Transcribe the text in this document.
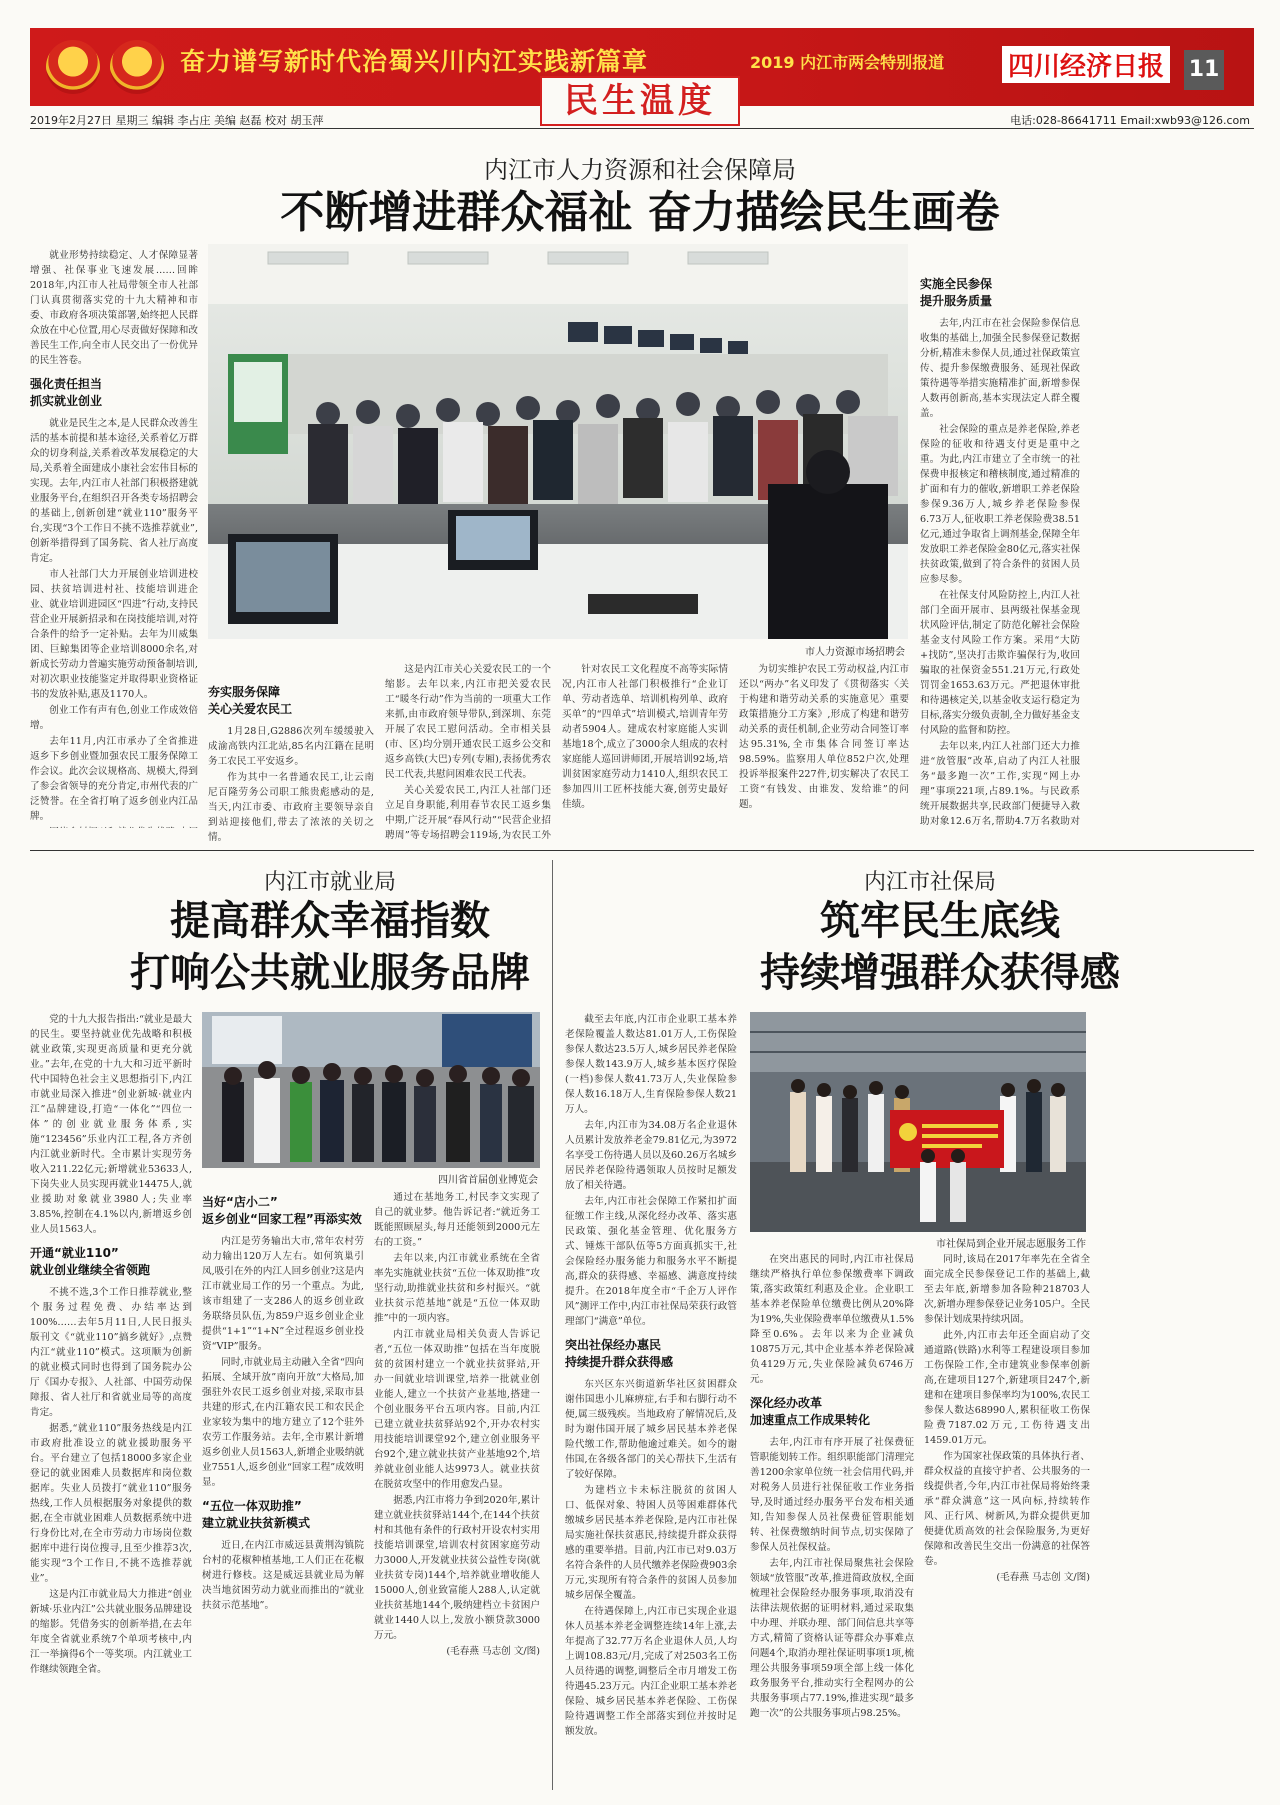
奋力谱写新时代治蜀兴川内江实践新篇章	2019 内江市两会特别报道 四川经济日报 11
民生温度
2019年2月27日 星期三 编辑 李占庄 美编 赵磊 校对 胡玉萍	电话:028-86641711 Email:xwb93@126.com
内江市人力资源和社会保障局
不断增进群众福祉 奋力描绘民生画卷

就业形势持续稳定、人才保障显著增强、社保事业飞速发展……回眸2018年,内江市人社局带领全市人社部门认真贯彻落实党的十九大精神和市委、市政府各项决策部署,始终把人民群众放在中心位置,用心尽责做好保障和改善民生工作,向全市人民交出了一份优异的民生答卷。

强化责任担当
抓实就业创业

就业是民生之本,是人民群众改善生活的基本前提和基本途径,关系着亿万群众的切身利益,关系着改革发展稳定的大局,关系着全面建成小康社会宏伟目标的实现。去年,内江市人社部门积极搭建就业服务平台,在组织召开各类专场招聘会的基础上,创新创建“就业110”服务平台,实现“3个工作日不挑不选推荐就业”,创新举措得到了国务院、省人社厅高度肯定。

市人社部门大力开展创业培训进校园、扶贫培训进村社、技能培训进企业、就业培训进园区“四进”行动,支持民营企业开展新招录和在岗技能培训,对符合条件的给予一定补贴。去年为川威集团、巨鲸集团等企业培训8000余名,对新成长劳动力普遍实施劳动预备制培训,对初次职业技能鉴定并取得职业资格证书的发放补贴,惠及1170人。

创业工作有声有色,创业工作成效倍增。

去年11月,内江市承办了全省推进返乡下乡创业暨加强农民工服务保障工作会议。此次会议规格高、规模大,得到了参会省领导的充分肯定,市州代表的广泛赞誉。在全省打响了返乡创业内江品牌。

市人力资源市场招聘会
夯实服务保障
关心关爱农民工

1月28日,G2886次列车缓缓驶入成渝高铁内江北站,85名内江籍在昆明务工农民工平安返乡。

作为其中一名普通农民工,让云南尼百隆劳务公司职工熊贵彪感动的是,当天,内江市委、市政府主要领导亲自到站迎接他们,带去了浓浓的关切之情。

这是内江市关心关爱农民工的一个缩影。去年以来,内江市把关爱农民工“暖冬行动”作为当前的一项重大工作来抓,由市政府领导带队,到深圳、东莞开展了农民工慰问活动。全市相关县(市、区)均分别开通农民工返乡公交和返乡高铁(大巴)专列(专厢),表扬优秀农民工代表,共慰问困难农民工代表。

关心关爱农民工,内江人社部门还立足自身职能,利用春节农民工返乡集中期,广泛开展“春风行动”“民营企业招聘周”等专场招聘会119场,为农民工外

针对农民工文化程度不高等实际情况,内江市人社部门积极推行“企业订单、劳动者选单、培训机构列单、政府买单”的“四单式”培训模式,培训青年劳动者5904人。建成农村家庭能人实训基地18个,成立了3000余人组成的农村家庭能人巡回讲师团,开展培训92场,培训贫困家庭劳动力1410人,组织农民工参加四川工匠杯技能大赛,创劳史最好佳绩。

为切实维护农民工劳动权益,内江市还以“两办”名义印发了《贯彻落实〈关于构建和谐劳动关系的实施意见〉重要政策措施分工方案》,形成了构建和谐劳动关系的责任机制,企业劳动合同签订率达95.31%,全市集体合同签订率达98.59%。监察用人单位852户次,处理投诉举报案件227件,切实解决了农民工工资“有钱发、由谁发、发给谁”的问题。

实施全民参保
提升服务质量

去年,内江市在社会保险参保信息收集的基础上,加强全民参保登记数据分析,精准未参保人员,通过社保政策宣传、提升参保缴费服务、延现社保政策待遇等举措实施精准扩面,新增参保人数再创新高,基本实现法定人群全覆盖。

社会保险的重点是养老保险,养老保险的征收和待遇支付更是重中之重。为此,内江市建立了全市统一的社保费申报核定和稽核制度,通过精准的扩面和有力的催收,新增职工养老保险参保9.36万人,城乡养老保险参保6.73万人,征收职工养老保险费38.51亿元,通过争取省上调剂基金,保障全年发放职工养老保险金80亿元,落实社保扶贫政策,做到了符合条件的贫困人员应参尽参。

在社保支付风险防控上,内江人社部门全面开展市、县两级社保基金现状风险评估,制定了防范化解社会保险基金支付风险工作方案。采用“大防+找防”,坚决打击欺诈骗保行为,收回骗取的社保资金551.21万元,行政处罚罚金1653.63万元。严把退休审批和待遇核定关,以基金收支运行稳定为目标,落实分级负责制,全力做好基金支付风险的监督和防控。

去年以来,内江人社部门还大力推进“放管服”改革,启动了内江人社服务“最多跑一次”工作,实现“网上办理”事项221项,占89.1%。与民政系统开展数据共享,民政部门便捷导入救助对象12.6万名,帮助4.7万名救助对

内江市就业局
提高群众幸福指数
打响公共就业服务品牌

党的十九大报告指出:“就业是最大的民生。要坚持就业优先战略和积极就业政策,实现更高质量和更充分就业。”去年,在党的十九大和习近平新时代中国特色社会主义思想指引下,内江市就业局深入推进“创业新城·就业内江”品牌建设,打造“一体化”“四位一体”的创业就业服务体系,实施“123456”乐业内江工程,各方齐创内江就业新时代。全市累计实现劳务收入211.22亿元;新增就业53633人,下岗失业人员实现再就业14475人,就业援助对象就业3980人;失业率3.85%,控制在4.1%以内,新增返乡创业人员1563人。

开通“就业110”
就业创业继续全省领跑

不挑不选,3个工作日推荐就业,整个服务过程免费、办结率达到100%……去年5月11日,人民日报头版刊文《“就业110”搞乡就好》,点赞内江“就业110”模式。这项顺为创新的就业模式同时也得到了国务院办公厅《国办专报》、人社部、中国劳动保障报、省人社厅和省就业局等的高度肯定。

据悉,“就业110”服务热线是内江市政府批准设立的就业援助服务平台。平台建立了包括18000多家企业登记的就业困难人员数据库和岗位数据库。失业人员拨打“就业110”服务热线,工作人员根据服务对象提供的数据,在全市就业困难人员数据系统中进行身份比对,在全市劳动力市场岗位数据库中进行岗位搜寻,且至少推荐3次,能实现“3个工作日,不挑不选推荐就业”。

这是内江市就业局大力推进“创业新城·乐业内江”公共就业服务品牌建设的缩影。凭借务实的创新举措,在去年年度全省就业系统7个单项考核中,内江一举摘得6个一等奖项。内江就业工作继续领跑全省。

四川省首届创业博览会
当好“店小二”
返乡创业“回家工程”再添实效

内江是劳务输出大市,常年农村劳动力输出120万人左右。如何筑巢引凤,吸引在外的内江人回乡创业?这是内江市就业局工作的另一个重点。为此,该市组建了一支286人的返乡创业政务联络员队伍,为859户返乡创业企业提供“1+1”“1+N”全过程返乡创业投资“VIP”服务。

同时,市就业局主动融入全省“四向拓展、全域开放”南向开放“大格局,加强驻外农民工返乡创业对接,采取市县共建的形式,在内江籍农民工和农民企业家较为集中的地方建立了12个驻外农劳工作服务站。去年,全市累计新增返乡创业人员1563人,新增企业吸纳就业7551人,返乡创业“回家工程”成效明显。

“五位一体双助推”
建立就业扶贫新模式

近日,在内江市威远县黄荆沟镇院台村的花椒种植基地,工人们正在花椒树进行修枝。这是威远县就业局为解决当地贫困劳动力就业而推出的“就业扶贫示范基地”。

通过在基地务工,村民李文实现了自己的就业梦。他告诉记者:“就近务工既能照顾屋头,每月还能领到2000元左右的工资。”

去年以来,内江市就业系统在全省率先实施就业扶贫“五位一体双助推”攻坚行动,助推就业扶贫和乡村振兴。“就业扶贫示范基地”就是“五位一体双助推”中的一项内容。

内江市就业局相关负责人告诉记者,“五位一体双助推”包括在当年度脱贫的贫困村建立一个就业扶贫驿站,开办一间就业培训课堂,培养一批就业创业能人,建立一个扶贫产业基地,搭建一个创业服务平台五项内容。目前,内江已建立就业扶贫驿站92个,开办农村实用技能培训课堂92个,建立创业服务平台92个,建立就业扶贫产业基地92个,培养就业创业能人达9973人。就业扶贫在脱贫攻坚中的作用愈发凸显。

据悉,内江市将力争到2020年,累计建立就业扶贫驿站144个,在144个扶贫村和其他有条件的行政村开设农村实用技能培训课堂,培训农村贫困家庭劳动力3000人,开发就业扶贫公益性专岗(就业扶贫专岗)144个,培养就业增收能人15000人,创业致富能人288人,认定就业扶贫基地144个,吸纳建档立卡贫困户就业1440人以上,发放小额贷款3000万元。

(毛春燕 马志创 文/图)

内江市社保局
筑牢民生底线
持续增强群众获得感

截至去年底,内江市企业职工基本养老保险覆盖人数达81.01万人,工伤保险参保人数达23.5万人,城乡居民养老保险参保人数143.9万人,城乡基本医疗保险(一档)参保人数41.73万人,失业保险参保人数16.18万人,生育保险参保人数21万人。

去年,内江市为34.08万名企业退休人员累计发放养老金79.81亿元,为3972名享受工伤待遇人员以及60.26万名城乡居民养老保险待遇领取人员按时足额发放了相关待遇。

去年,内江市社会保障工作紧扣扩面征缴工作主线,从深化经办改革、落实惠民政策、强化基金管理、优化服务方式、锤炼干部队伍等5方面真抓实干,社会保险经办服务能力和服务水平不断提高,群众的获得感、幸福感、满意度持续提升。在2018年度全市“千企万人评作风”测评工作中,内江市社保局荣获行政管理部门“满意”单位。

突出社保经办惠民
持续提升群众获得感

东兴区东兴街道新华社区贫困群众谢伟国患小儿麻痹症,右手和右脚行动不便,属三级残疾。当地政府了解情况后,及时为谢伟国开展了城乡居民基本养老保险代缴工作,帮助他逾过难关。如今的谢伟国,在各级各部门的关心帮扶下,生活有了较好保障。

为建档立卡未标注脱贫的贫困人口、低保对象、特困人员等困难群体代缴城乡居民基本养老保险,是内江市社保局实施社保扶贫惠民,持续提升群众获得感的重要举措。目前,内江市已对9.03万名符合条件的人员代缴养老保险费903余万元,实现所有符合条件的贫困人员参加城乡居保全覆盖。

在待遇保障上,内江市已实现企业退休人员基本养老金调整连续14年上涨,去年提高了32.77万名企业退休人员,人均上调108.83元/月,完成了对2503名工伤人员待遇的调整,调整后全市月增发工伤待遇45.23万元。内江企业职工基本养老保险、城乡居民基本养老保险、工伤保险待遇调整工作全部落实到位并按时足额发放。

市社保局到企业开展志愿服务工作

在突出惠民的同时,内江市社保局继续严格执行单位参保缴费率下调政策,落实政策红利惠及企业。企业职工基本养老保险单位缴费比例从20%降为19%,失业保险费率单位缴费从1.5%降至0.6%。去年以来为企业减负10875万元,其中企业基本养老保险减负4129万元,失业保险减负6746万元。

深化经办改革
加速重点工作成果转化

去年,内江市有序开展了社保费征管职能划转工作。组织职能部门清理完善1200余家单位统一社会信用代码,并对税务人员进行社保征收工作业务指导,及时通过经办服务平台发布相关通知,告知参保人员社保费征管职能划转、社保费缴纳时间节点,切实保障了参保人员社保权益。

去年,内江市社保局聚焦社会保险领域“放管服”改革,推进简政放权,全面梳理社会保险经办服务事项,取消没有法律法规依据的证明材料,通过采取集中办理、并联办理、部门间信息共享等方式,精简了资格认证等群众办事难点问题4个,取消办理社保证明事项1项,梳理公共服务事项59项全部上线一体化政务服务平台,推动实行全程网办的公共服务事项占77.19%,推进实现“最多跑一次”的公共服务事项占98.25%。

同时,该局在2017年率先在全省全面完成全民参保登记工作的基础上,截至去年底,新增参加各险种218703人次,新增办理参保登记业务105户。全民参保计划成果持续巩固。

此外,内江市去年还全面启动了交通道路(铁路)水利等工程建设项目参加工伤保险工作,全市建筑业参保率创新高,在建项目127个,新建项目247个,新建和在建项目参保率均为100%,农民工参保人数达68990人,累积征收工伤保险费7187.02万元,工伤待遇支出1459.01万元。

作为国家社保政策的具体执行者、群众权益的直接守护者、公共服务的一线提供者,今年,内江市社保局将始终秉承“群众满意”这一风向标,持续转作风、正行风、树新风,为群众提供更加便捷优质高效的社会保险服务,为更好保障和改善民生交出一份满意的社保答卷。

(毛春燕 马志创 文/图)
